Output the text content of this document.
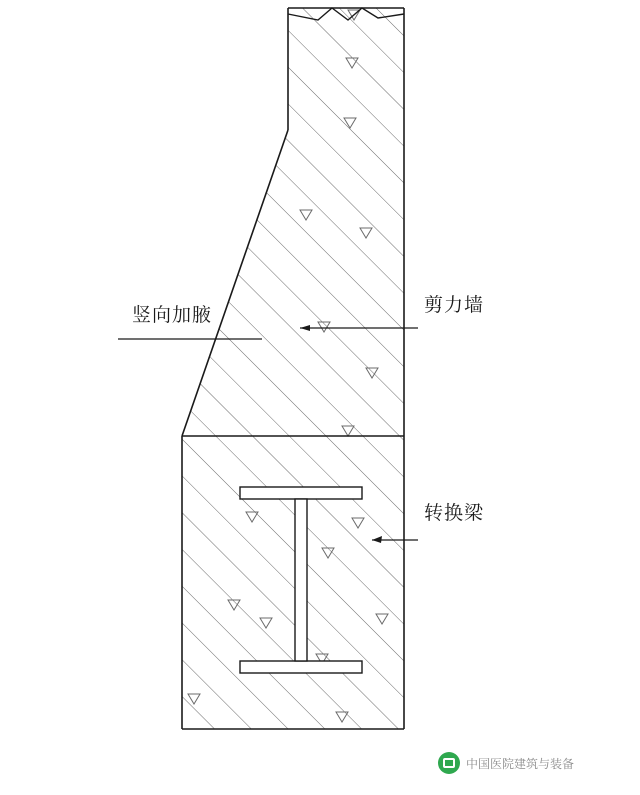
竖向加腋	剪力墙
转换梁
中国医院建筑与装备
